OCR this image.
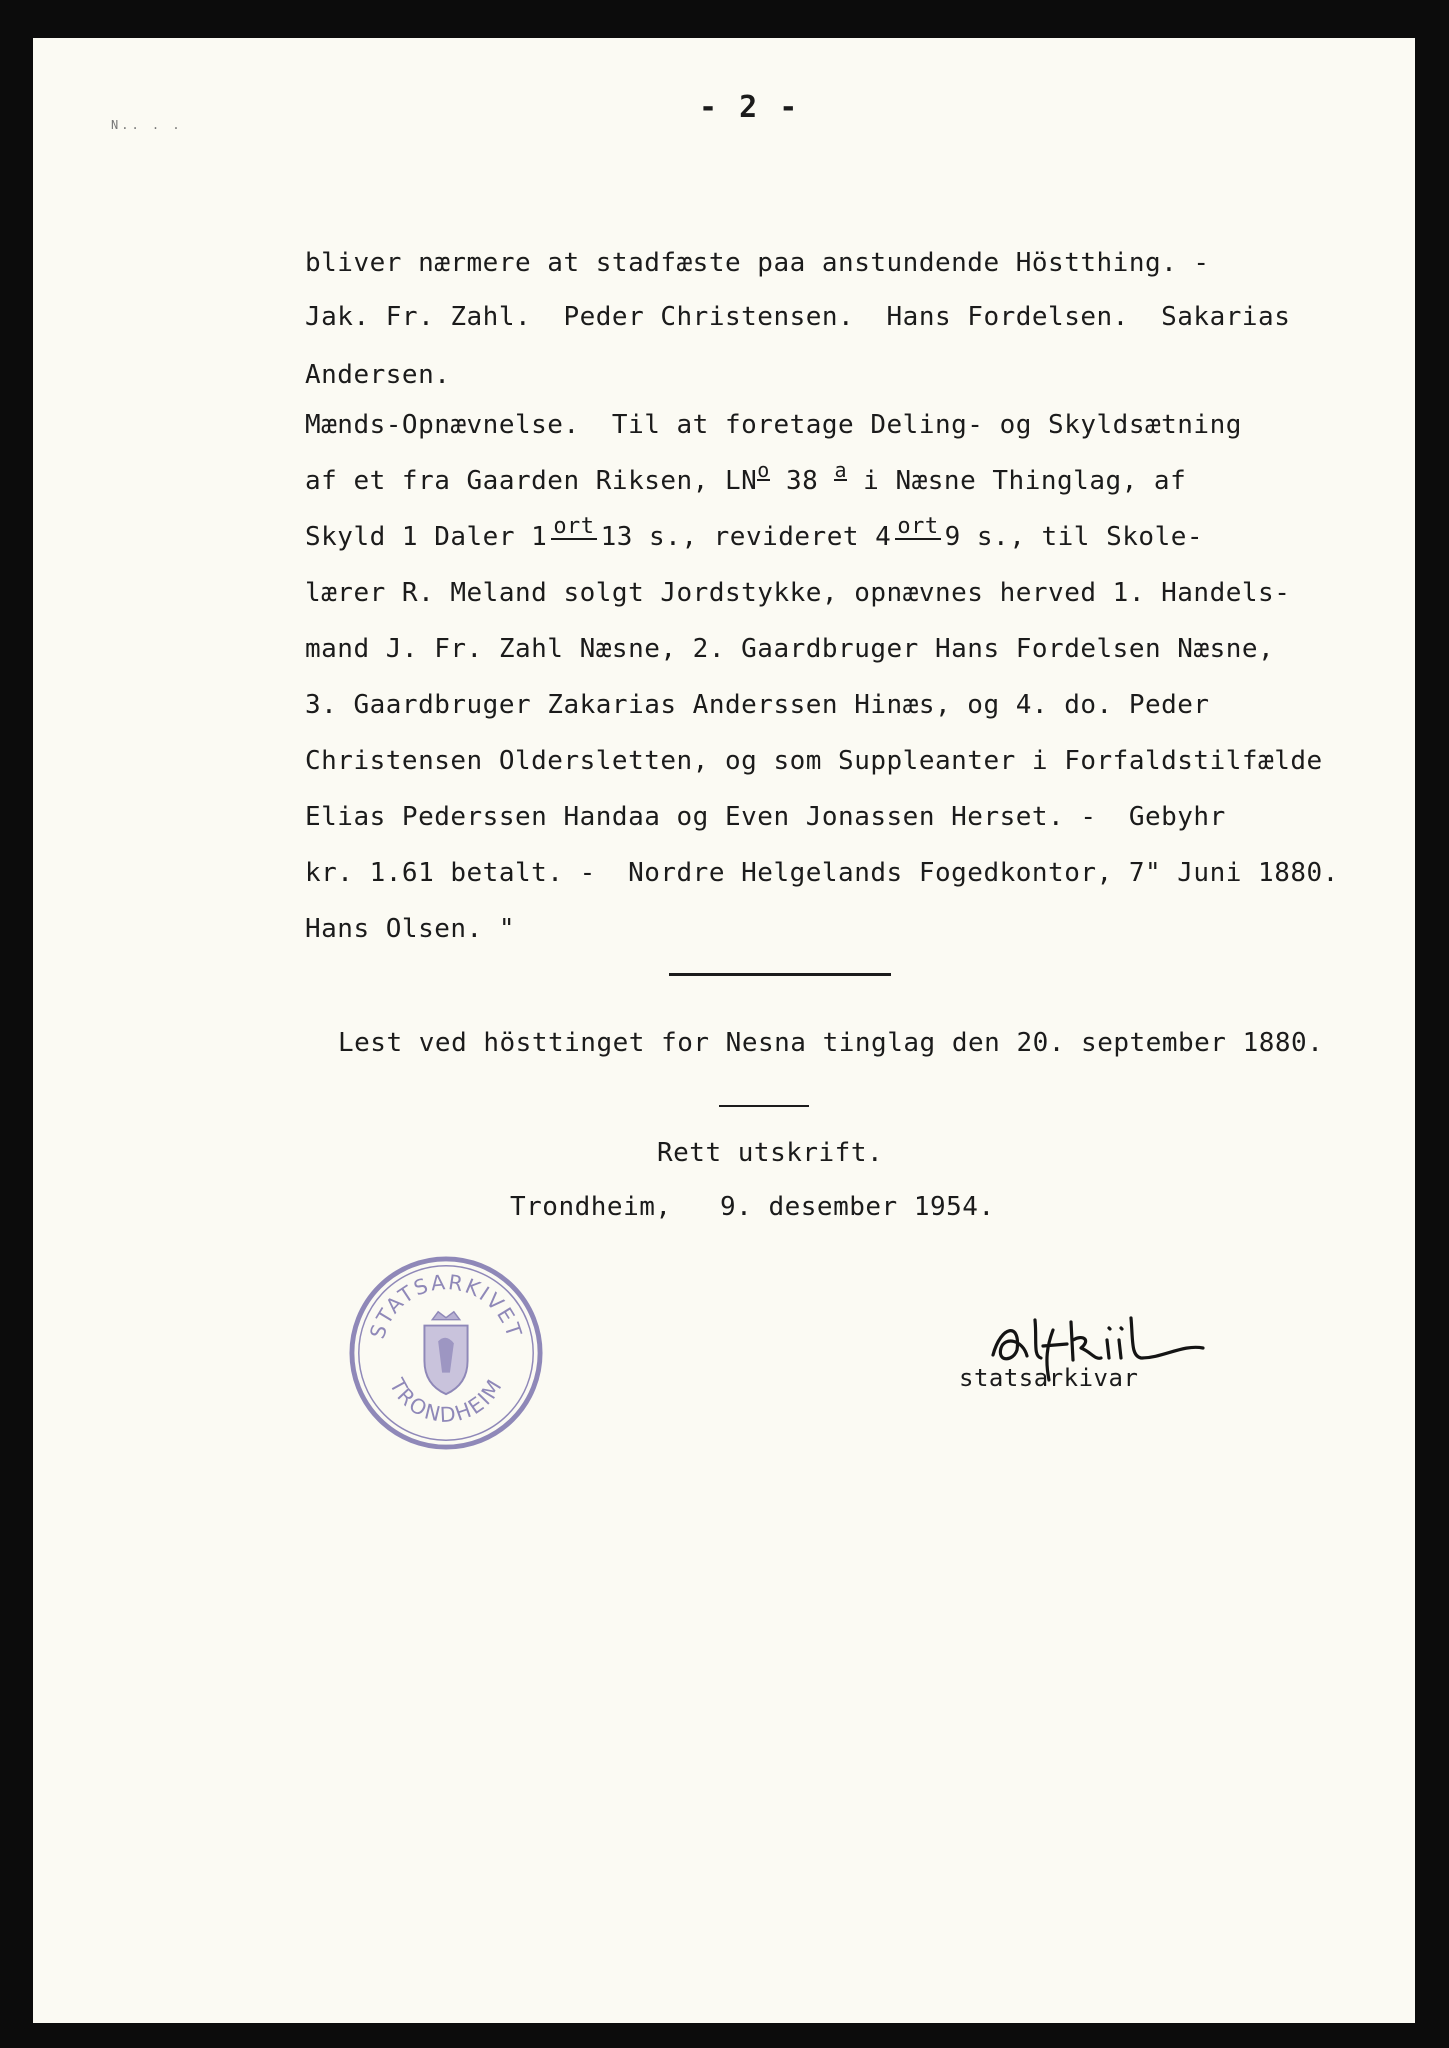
N.. . .	- 2 -
bliver nærmere at stadfæste paa anstundende Höstthing. -
Jak. Fr. Zahl.  Peder Christensen.  Hans Fordelsen.  Sakarias
Andersen.
Mænds-Opnævnelse.  Til at foretage Deling- og Skyldsætning
af et fra Gaarden Riksen, LNo 38 a i Næsne Thinglag, af
Skyld 1 Daler 1 ort 13 s., revideret 4 ort 9 s., til Skole-
lærer R. Meland solgt Jordstykke, opnævnes herved 1. Handels-
mand J. Fr. Zahl Næsne, 2. Gaardbruger Hans Fordelsen Næsne,
3. Gaardbruger Zakarias Anderssen Hinæs, og 4. do. Peder
Christensen Oldersletten, og som Suppleanter i Forfaldstilfælde
Elias Pederssen Handaa og Even Jonassen Herset. -  Gebyhr
kr. 1.61 betalt. -  Nordre Helgelands Fogedkontor, 7" Juni 1880.
Hans Olsen. "
Lest ved hösttinget for Nesna tinglag den 20. september 1880.
Rett utskrift.
Trondheim,   9. desember 1954.
STATSARKIVET
TRONDHEIM	statsarkivar
